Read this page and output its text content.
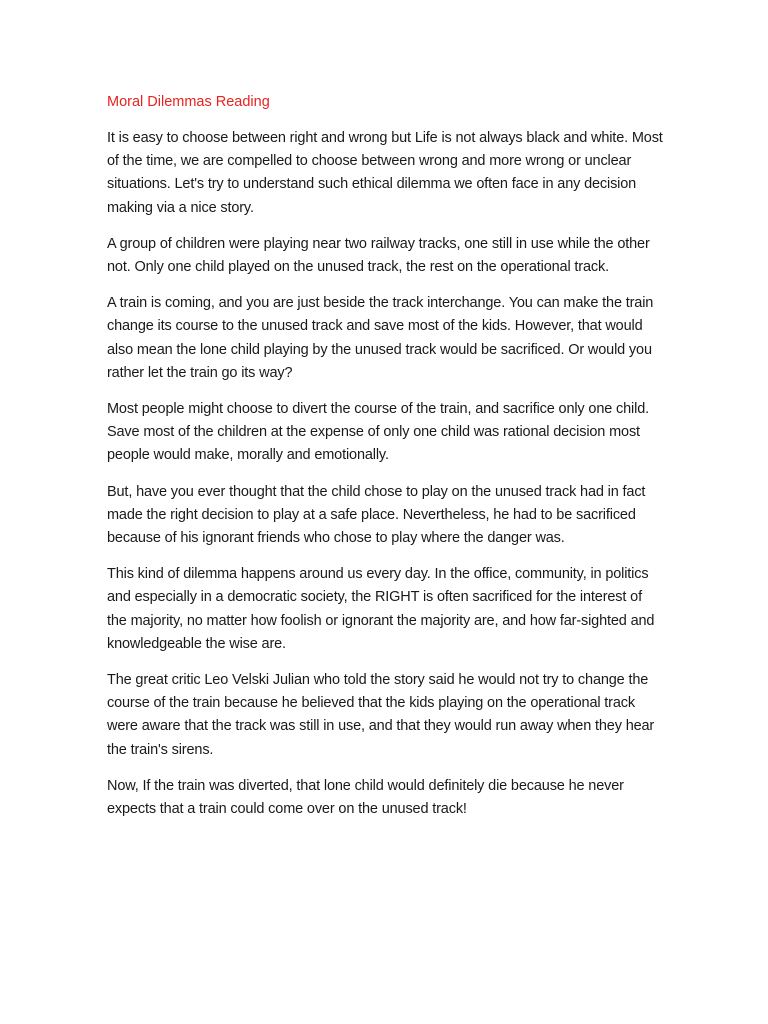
Moral Dilemmas Reading

It is easy to choose between right and wrong but Life is not always black and white. Most of the time, we are compelled to choose between wrong and more wrong or unclear situations. Let's try to understand such ethical dilemma we often face in any decision making via a nice story.

A group of children were playing near two railway tracks, one still in use while the other not. Only one child played on the unused track, the rest on the operational track.

A train is coming, and you are just beside the track interchange. You can make the train change its course to the unused track and save most of the kids. However, that would also mean the lone child playing by the unused track would be sacrificed. Or would you rather let the train go its way?

Most people might choose to divert the course of the train, and sacrifice only one child. Save most of the children at the expense of only one child was rational decision most people would make, morally and emotionally.

But, have you ever thought that the child chose to play on the unused track had in fact made the right decision to play at a safe place. Nevertheless, he had to be sacrificed because of his ignorant friends who chose to play where the danger was.

This kind of dilemma happens around us every day. In the office, community, in politics and especially in a democratic society, the RIGHT is often sacrificed for the interest of the majority, no matter how foolish or ignorant the majority are, and how far-sighted and knowledgeable the wise are.

The great critic Leo Velski Julian who told the story said he would not try to change the course of the train because he believed that the kids playing on the operational track were aware that the track was still in use, and that they would run away when they hear the train's sirens.

Now, If the train was diverted, that lone child would definitely die because he never expects that a train could come over on the unused track!
